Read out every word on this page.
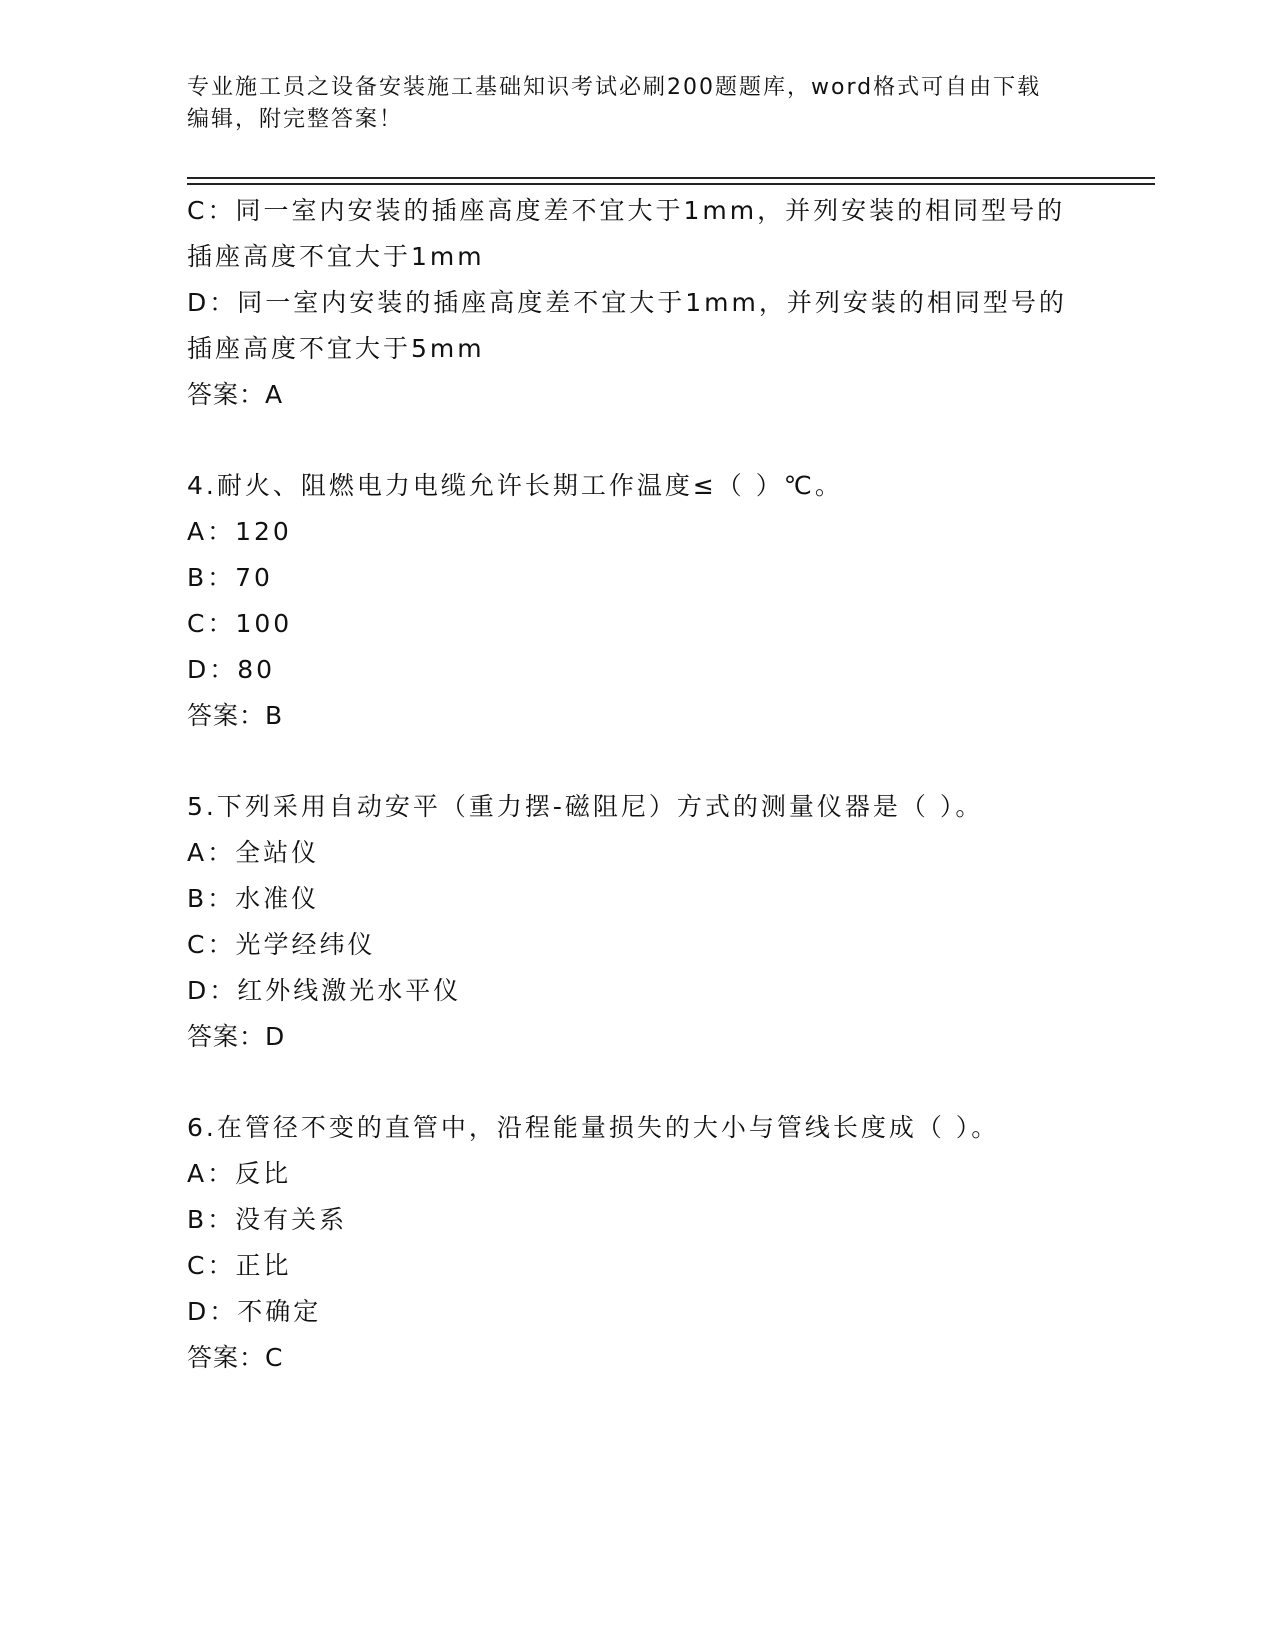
专业施工员之设备安装施工基础知识考试必刷200题题库，word格式可自由下载
编辑，附完整答案！
C：同一室内安装的插座高度差不宜大于1mm，并列安装的相同型号的
插座高度不宜大于1mm
D：同一室内安装的插座高度差不宜大于1mm，并列安装的相同型号的
插座高度不宜大于5mm
答案：A
4.耐火、阻燃电力电缆允许长期工作温度≤（ ）℃。
A：120
B：70
C：100
D：80
答案：B
5.下列采用自动安平（重力摆-磁阻尼）方式的测量仪器是（ ）。
A：全站仪
B：水准仪
C：光学经纬仪
D：红外线激光水平仪
答案：D
6.在管径不变的直管中，沿程能量损失的大小与管线长度成（ ）。
A：反比
B：没有关系
C：正比
D：不确定
答案：C
